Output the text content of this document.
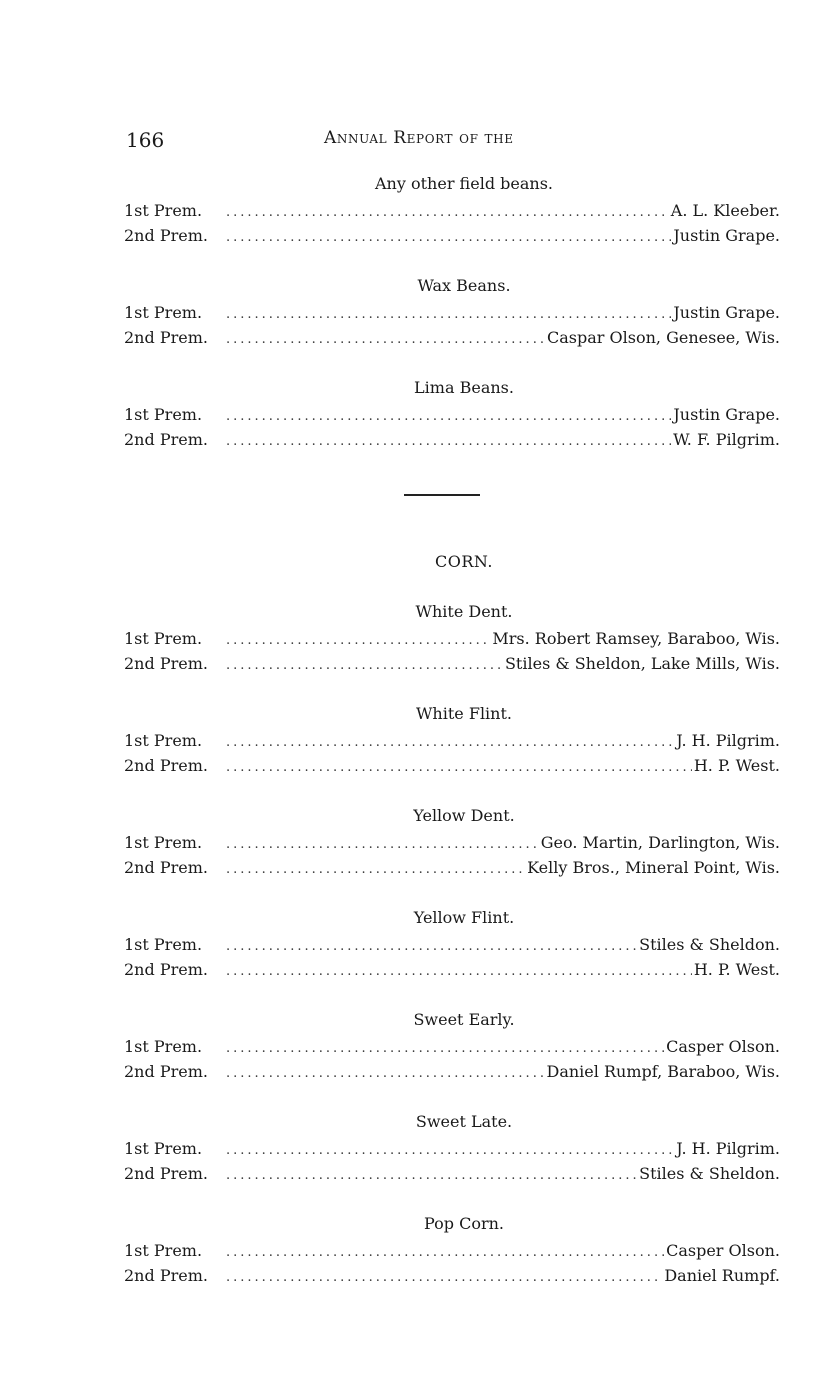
166	Annual Report of the
Any other field beans.
1st Prem. .....	A. L. Kleeber.
2nd Prem. .....	Justin Grape.
Wax Beans.
1st Prem. .....	Justin Grape.
2nd Prem. .....	Caspar Olson, Genesee, Wis.
Lima Beans.
1st Prem. .....	Justin Grape.
2nd Prem. .....	W. F. Pilgrim.
CORN.
White Dent.
1st Prem. .....	Mrs. Robert Ramsey, Baraboo, Wis.
2nd Prem. .....	Stiles & Sheldon, Lake Mills, Wis.
White Flint.
1st Prem. .....	J. H. Pilgrim.
2nd Prem. .....	H. P. West.
Yellow Dent.
1st Prem. .....	Geo. Martin, Darlington, Wis.
2nd Prem. .....	Kelly Bros., Mineral Point, Wis.
Yellow Flint.
1st Prem. .....	Stiles & Sheldon.
2nd Prem. .....	H. P. West.
Sweet Early.
1st Prem. .....	Casper Olson.
2nd Prem. .....	Daniel Rumpf, Baraboo, Wis.
Sweet Late.
1st Prem. .....	J. H. Pilgrim.
2nd Prem. .....	Stiles & Sheldon.
Pop Corn.
1st Prem. .....	Casper Olson.
2nd Prem. .....	Daniel Rumpf.
